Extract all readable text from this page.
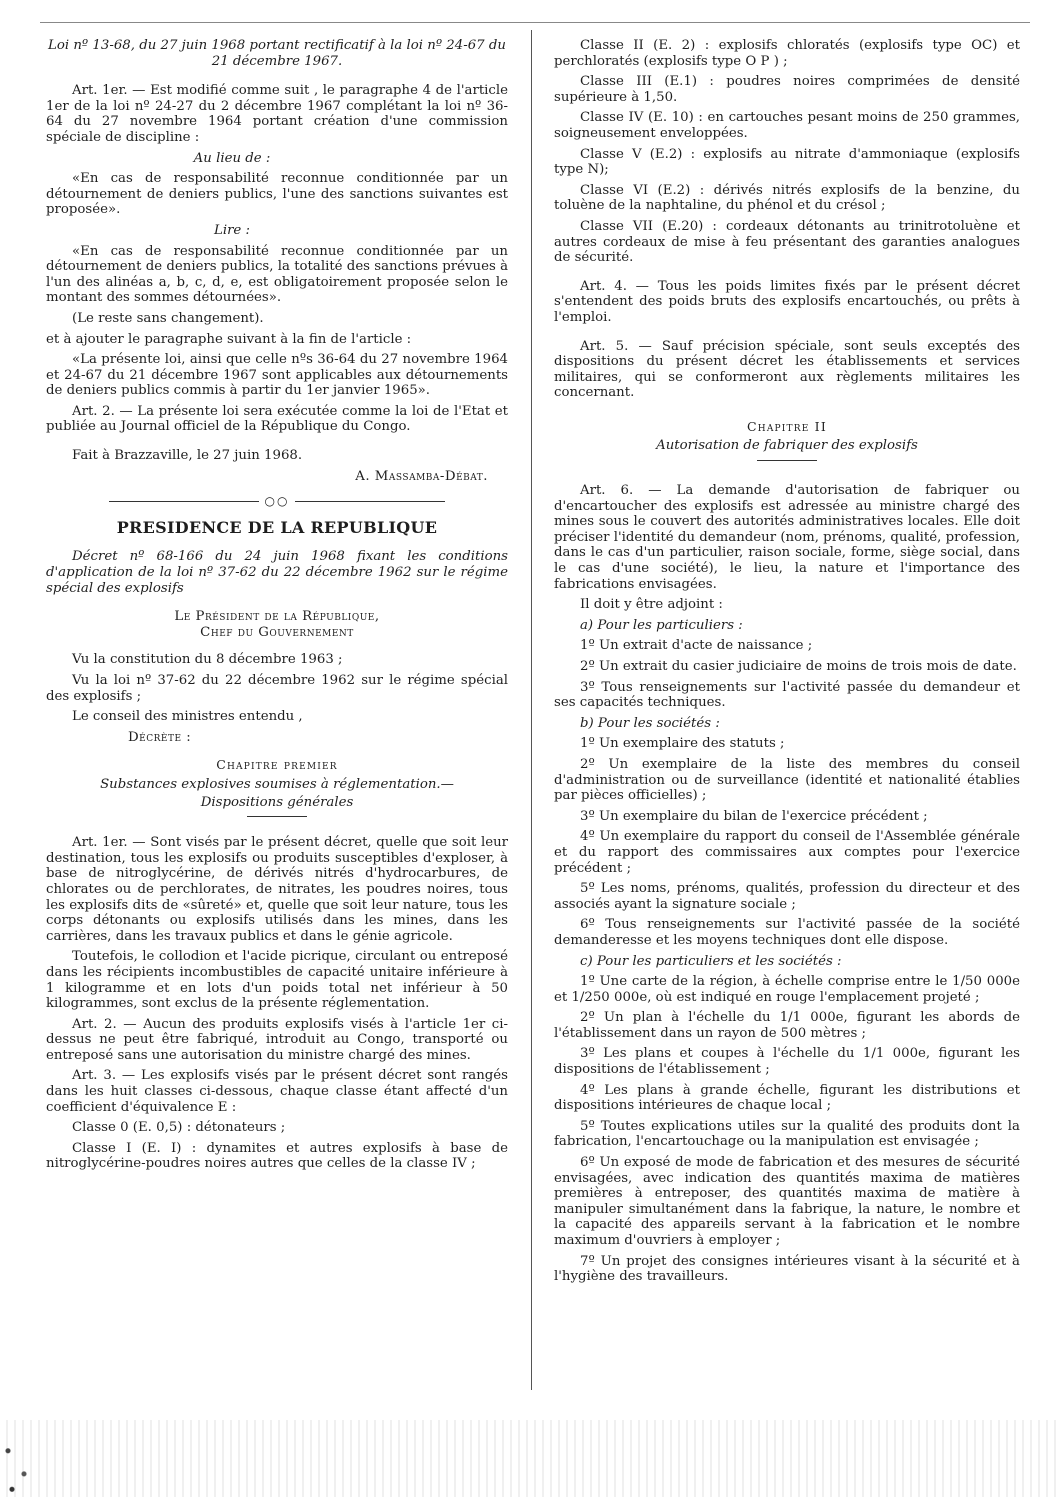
Loi nº 13-68, du 27 juin 1968 portant rectificatif à la loi nº 24-67 du 21 décembre 1967.

Art. 1er. — Est modifié comme suit , le paragraphe 4 de l'article 1er de la loi nº 24-27 du 2 décembre 1967 complétant la loi nº 36-64 du 27 novembre 1964 portant création d'une commission spéciale de discipline :

Au lieu de :

«En cas de responsabilité reconnue conditionnée par un détournement de deniers publics, l'une des sanctions suivantes est proposée».

Lire :

«En cas de responsabilité reconnue conditionnée par un détournement de deniers publics, la totalité des sanctions prévues à l'un des alinéas a, b, c, d, e, est obligatoirement proposée selon le montant des sommes détournées».

(Le reste sans changement).

et à ajouter le paragraphe suivant à la fin de l'article :

«La présente loi, ainsi que celle nºs 36-64 du 27 novembre 1964 et 24-67 du 21 décembre 1967 sont applicables aux détournements de deniers publics commis à partir du 1er janvier 1965».

Art. 2. — La présente loi sera exécutée comme la loi de l'Etat et publiée au Journal officiel de la République du Congo.

Fait à Brazzaville, le 27 juin 1968.

A. Massamba-Débat.

○○
PRESIDENCE DE LA REPUBLIQUE

Décret nº 68-166 du 24 juin 1968 fixant les conditions d'application de la loi nº 37-62 du 22 décembre 1962 sur le régime spécial des explosifs

Le Président de la République,

Chef du Gouvernement

Vu la constitution du 8 décembre 1963 ;

Vu la loi nº 37-62 du 22 décembre 1962 sur le régime spécial des explosifs ;

Le conseil des ministres entendu ,

Décrète :

Chapitre premier

Substances explosives soumises à réglementation.—

Dispositions générales

Art. 1er. — Sont visés par le présent décret, quelle que soit leur destination, tous les explosifs ou produits susceptibles d'exploser, à base de nitroglycérine, de dérivés nitrés d'hydrocarbures, de chlorates ou de perchlorates, de nitrates, les poudres noires, tous les explosifs dits de «sûreté» et, quelle que soit leur nature, tous les corps détonants ou explosifs utilisés dans les mines, dans les carrières, dans les travaux publics et dans le génie agricole.

Toutefois, le collodion et l'acide picrique, circulant ou entreposé dans les récipients incombustibles de capacité unitaire inférieure à 1 kilogramme et en lots d'un poids total net inférieur à 50 kilogrammes, sont exclus de la présente réglementation.

Art. 2. — Aucun des produits explosifs visés à l'article 1er ci-dessus ne peut être fabriqué, introduit au Congo, transporté ou entreposé sans une autorisation du ministre chargé des mines.

Art. 3. — Les explosifs visés par le présent décret sont rangés dans les huit classes ci-dessous, chaque classe étant affecté d'un coefficient d'équivalence E :

Classe 0 (E. 0,5) : détonateurs ;

Classe I (E. I) : dynamites et autres explosifs à base de nitroglycérine-poudres noires autres que celles de la classe IV ;

Classe II (E. 2) : explosifs chloratés (explosifs type OC) et perchloratés (explosifs type O P ) ;

Classe III (E.1) : poudres noires comprimées de densité supérieure à 1,50.

Classe IV (E. 10) : en cartouches pesant moins de 250 grammes, soigneusement enveloppées.

Classe V (E.2) : explosifs au nitrate d'ammoniaque (explosifs type N);

Classe VI (E.2) : dérivés nitrés explosifs de la benzine, du toluène de la naphtaline, du phénol et du crésol ;

Classe VII (E.20) : cordeaux détonants au trinitrotoluène et autres cordeaux de mise à feu présentant des garanties analogues de sécurité.

Art. 4. — Tous les poids limites fixés par le présent décret s'entendent des poids bruts des explosifs encartouchés, ou prêts à l'emploi.

Art. 5. — Sauf précision spéciale, sont seuls exceptés des dispositions du présent décret les établissements et services militaires, qui se conformeront aux règlements militaires les concernant.

Chapitre II

Autorisation de fabriquer des explosifs

Art. 6. — La demande d'autorisation de fabriquer ou d'encartoucher des explosifs est adressée au ministre chargé des mines sous le couvert des autorités administratives locales. Elle doit préciser l'identité du demandeur (nom, prénoms, qualité, profession, dans le cas d'un particulier, raison sociale, forme, siège social, dans le cas d'une société), le lieu, la nature et l'importance des fabrications envisagées.

Il doit y être adjoint :

a) Pour les particuliers :

1º Un extrait d'acte de naissance ;

2º Un extrait du casier judiciaire de moins de trois mois de date.

3º Tous renseignements sur l'activité passée du demandeur et ses capacités techniques.

b) Pour les sociétés :

1º Un exemplaire des statuts ;

2º Un exemplaire de la liste des membres du conseil d'administration ou de surveillance (identité et nationalité établies par pièces officielles) ;

3º Un exemplaire du bilan de l'exercice précédent ;

4º Un exemplaire du rapport du conseil de l'Assemblée générale et du rapport des commissaires aux comptes pour l'exercice précédent ;

5º Les noms, prénoms, qualités, profession du directeur et des associés ayant la signature sociale ;

6º Tous renseignements sur l'activité passée de la société demanderesse et les moyens techniques dont elle dispose.

c) Pour les particuliers et les sociétés :

1º Une carte de la région, à échelle comprise entre le 1/50 000e et 1/250 000e, où est indiqué en rouge l'emplacement projeté ;

2º Un plan à l'échelle du 1/1 000e, figurant les abords de l'établissement dans un rayon de 500 mètres ;

3º Les plans et coupes à l'échelle du 1/1 000e, figurant les dispositions de l'établissement ;

4º Les plans à grande échelle, figurant les distributions et dispositions intérieures de chaque local ;

5º Toutes explications utiles sur la qualité des produits dont la fabrication, l'encartouchage ou la manipulation est envisagée ;

6º Un exposé de mode de fabrication et des mesures de sécurité envisagées, avec indication des quantités maxima de matières premières à entreposer, des quantités maxima de matière à manipuler simultanément dans la fabrique, la nature, le nombre et la capacité des appareils servant à la fabrication et le nombre maximum d'ouvriers à employer ;

7º Un projet des consignes intérieures visant à la sécurité et à l'hygiène des travailleurs.
